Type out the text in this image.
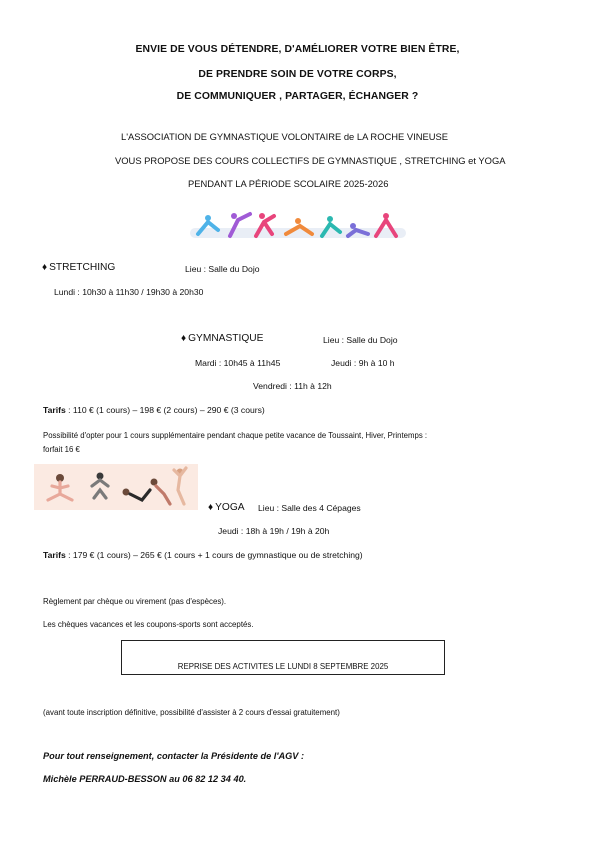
ENVIE DE VOUS DÉTENDRE, D'AMÉLIORER VOTRE BIEN ÊTRE,
DE PRENDRE SOIN DE VOTRE CORPS,
DE COMMUNIQUER , PARTAGER, ÉCHANGER ?
L'ASSOCIATION DE GYMNASTIQUE VOLONTAIRE de LA ROCHE VINEUSE
VOUS PROPOSE DES COURS COLLECTIFS DE GYMNASTIQUE , STRETCHING et YOGA
PENDANT LA PÉRIODE SCOLAIRE 2025-2026
♦ STRETCHING	Lieu : Salle du Dojo
Lundi : 10h30 à 11h30 / 19h30 à 20h30
♦ GYMNASTIQUE	Lieu : Salle du Dojo
Mardi : 10h45 à 11h45	Jeudi : 9h à 10 h
Vendredi : 11h à 12h
Tarifs : 110 € (1 cours) – 198 € (2 cours) – 290 € (3 cours)
Possibilité d'opter pour 1 cours supplémentaire pendant chaque petite vacance de Toussaint, Hiver, Printemps :
forfait 16 €
♦ YOGA Lieu : Salle des 4 Cépages
Jeudi : 18h à 19h / 19h à 20h
Tarifs : 179 € (1 cours) – 265 € (1 cours + 1 cours de gymnastique ou de stretching)
Règlement par chèque ou virement (pas d'espèces).
Les chèques vacances et les coupons-sports sont acceptés.
REPRISE DES ACTIVITES LE LUNDI 8 SEPTEMBRE 2025
(avant toute inscription définitive, possibilité d'assister à 2 cours d'essai gratuitement)
Pour tout renseignement, contacter la Présidente de l'AGV :
Michèle PERRAUD-BESSON au 06 82 12 34 40.
